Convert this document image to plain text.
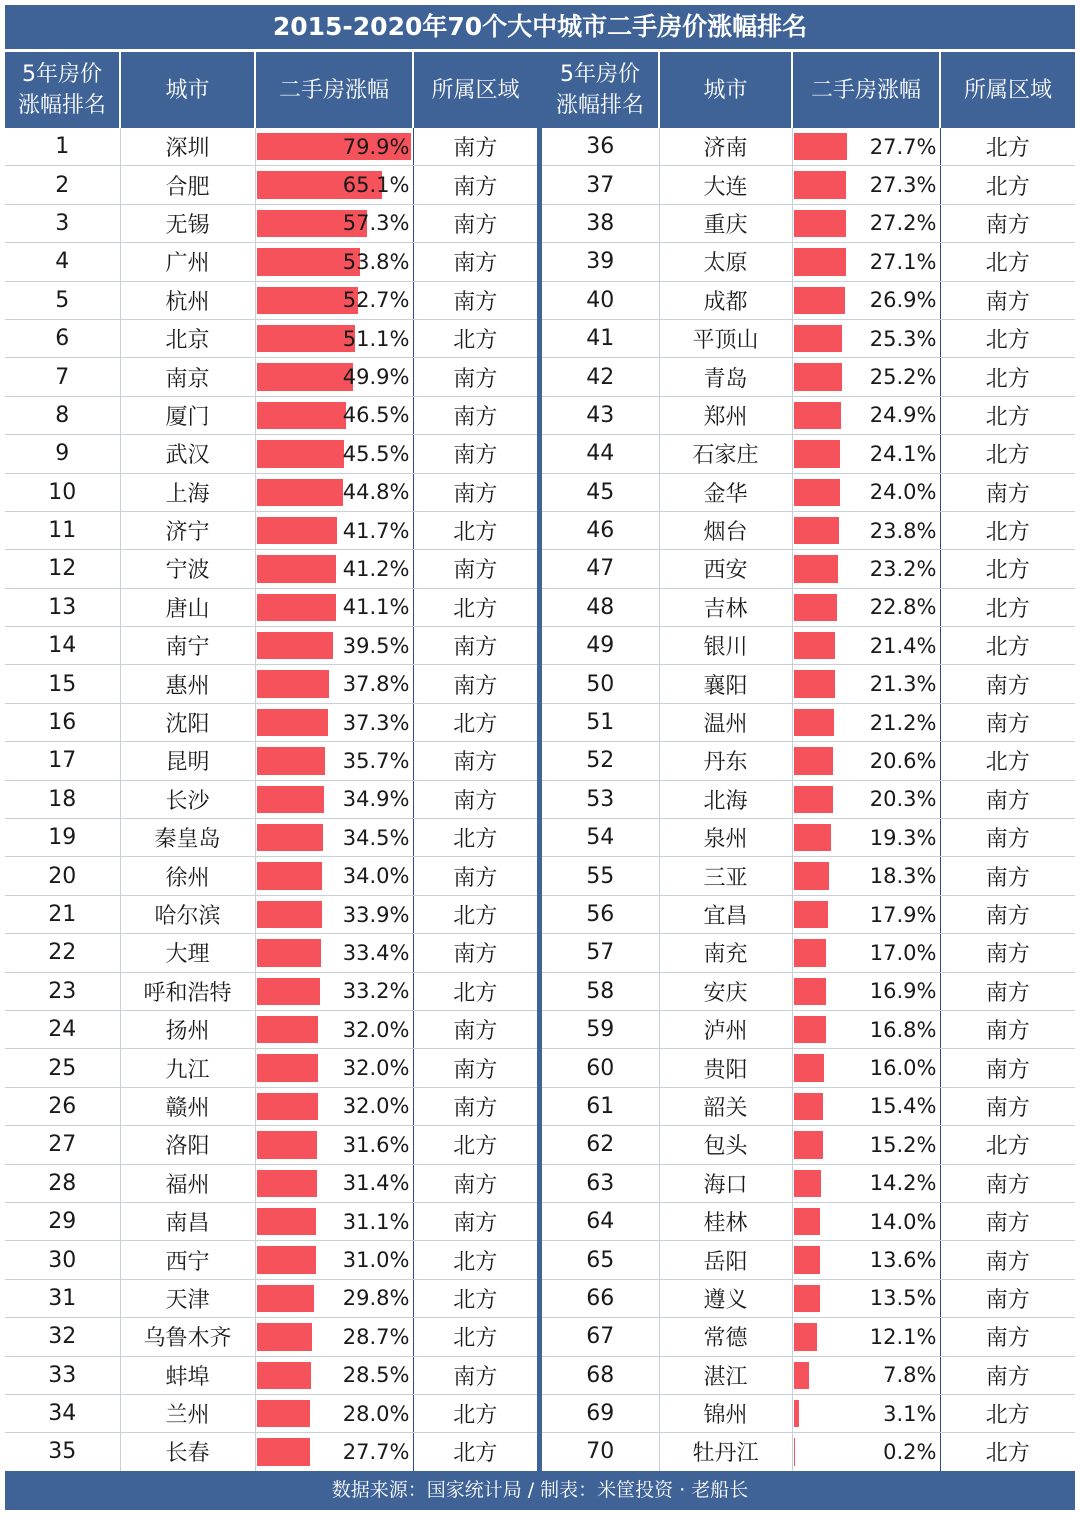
2015-2020年70个大中城市二手房价涨幅排名
5年房价
涨幅排名	城市	二手房涨幅	所属区域
1	深圳	79.9%	南方
2	合肥	65.1%	南方
3	无锡	57.3%	南方
4	广州	53.8%	南方
5	杭州	52.7%	南方
6	北京	51.1%	北方
7	南京	49.9%	南方
8	厦门	46.5%	南方
9	武汉	45.5%	南方
10	上海	44.8%	南方
11	济宁	41.7%	北方
12	宁波	41.2%	南方
13	唐山	41.1%	北方
14	南宁	39.5%	南方
15	惠州	37.8%	南方
16	沈阳	37.3%	北方
17	昆明	35.7%	南方
18	长沙	34.9%	南方
19	秦皇岛	34.5%	北方
20	徐州	34.0%	南方
21	哈尔滨	33.9%	北方
22	大理	33.4%	南方
23	呼和浩特	33.2%	北方
24	扬州	32.0%	南方
25	九江	32.0%	南方
26	赣州	32.0%	南方
27	洛阳	31.6%	北方
28	福州	31.4%	南方
29	南昌	31.1%	南方
30	西宁	31.0%	北方
31	天津	29.8%	北方
32	乌鲁木齐	28.7%	北方
33	蚌埠	28.5%	南方
34	兰州	28.0%	北方
35	长春	27.7%	北方
5年房价
涨幅排名	城市	二手房涨幅	所属区域
36	济南	27.7%	北方
37	大连	27.3%	北方
38	重庆	27.2%	南方
39	太原	27.1%	北方
40	成都	26.9%	南方
41	平顶山	25.3%	北方
42	青岛	25.2%	北方
43	郑州	24.9%	北方
44	石家庄	24.1%	北方
45	金华	24.0%	南方
46	烟台	23.8%	北方
47	西安	23.2%	北方
48	吉林	22.8%	北方
49	银川	21.4%	北方
50	襄阳	21.3%	南方
51	温州	21.2%	南方
52	丹东	20.6%	北方
53	北海	20.3%	南方
54	泉州	19.3%	南方
55	三亚	18.3%	南方
56	宜昌	17.9%	南方
57	南充	17.0%	南方
58	安庆	16.9%	南方
59	泸州	16.8%	南方
60	贵阳	16.0%	南方
61	韶关	15.4%	南方
62	包头	15.2%	北方
63	海口	14.2%	南方
64	桂林	14.0%	南方
65	岳阳	13.6%	南方
66	遵义	13.5%	南方
67	常德	12.1%	南方
68	湛江	7.8%	南方
69	锦州	3.1%	北方
70	牡丹江	0.2%	北方
数据来源：国家统计局 / 制表：米筐投资 · 老船长
